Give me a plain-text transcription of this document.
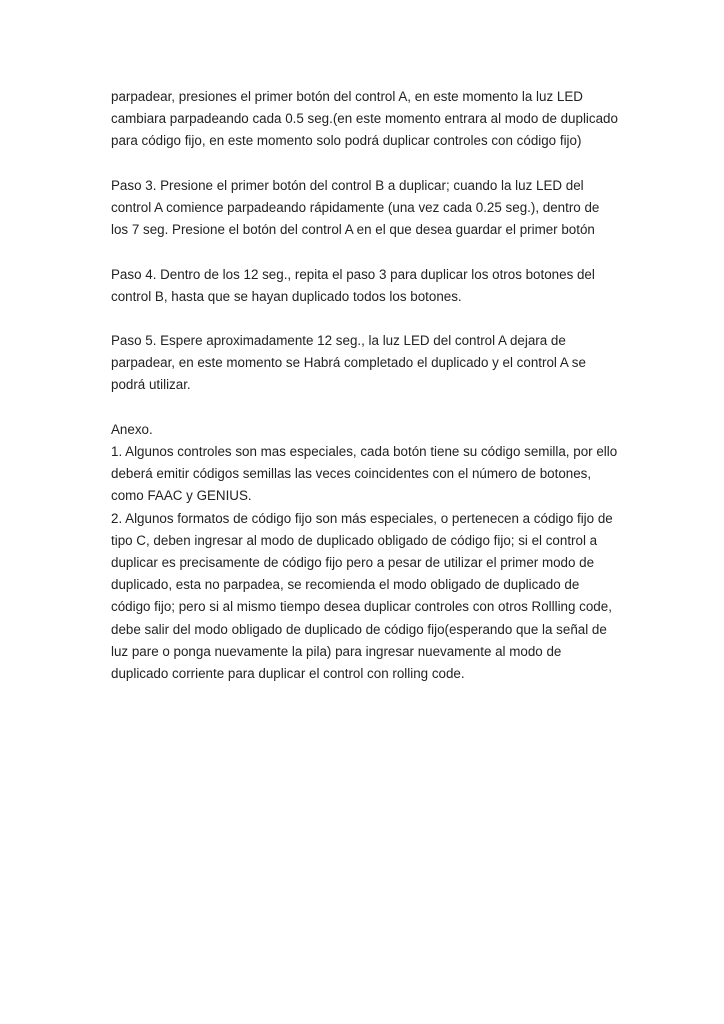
parpadear, presiones el primer botón del control A, en este momento la luz LED

cambiara parpadeando cada 0.5 seg.(en este momento entrara al modo de duplicado

para código fijo, en este momento solo podrá duplicar controles con código fijo)

Paso 3. Presione el primer botón del control B a duplicar; cuando la luz LED del

control A comience parpadeando rápidamente (una vez cada 0.25 seg.), dentro de

los 7 seg. Presione el botón del control A en el que desea guardar el primer botón

Paso 4. Dentro de los 12 seg., repita el paso 3 para duplicar los otros botones del

control B, hasta que se hayan duplicado todos los botones.

Paso 5. Espere aproximadamente 12 seg., la luz LED del control A dejara de

parpadear, en este momento se Habrá completado el duplicado y el control A se

podrá utilizar.

Anexo.

1. Algunos controles son mas especiales, cada botón tiene su código semilla, por ello

deberá emitir códigos semillas las veces coincidentes con el número de botones,

como FAAC y GENIUS.

2. Algunos formatos de código fijo son más especiales, o pertenecen a código fijo de

tipo C, deben ingresar al modo de duplicado obligado de código fijo; si el control a

duplicar es precisamente de código fijo pero a pesar de utilizar el primer modo de

duplicado, esta no parpadea, se recomienda el modo obligado de duplicado de

código fijo; pero si al mismo tiempo desea duplicar controles con otros Rollling code,

debe salir del modo obligado de duplicado de código fijo(esperando que la señal de

luz pare o ponga nuevamente la pila) para ingresar nuevamente al modo de

duplicado corriente para duplicar el control con rolling code.
